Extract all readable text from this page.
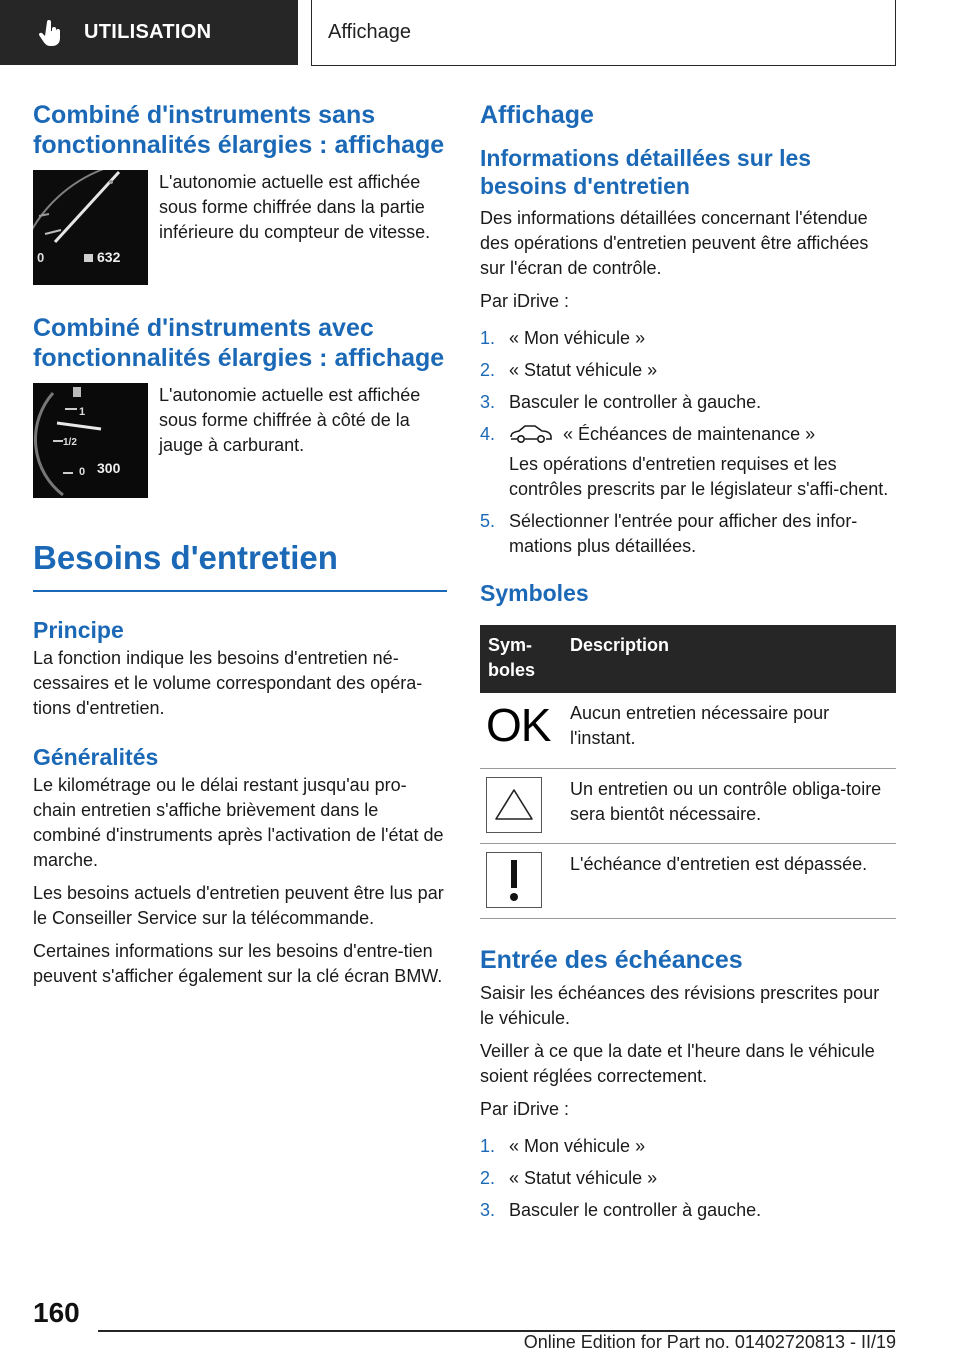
UTILISATION	Affichage
Combiné d'instruments sans fonctionnalités élargies : affichage
0	632

L'autonomie actuelle est affichée sous forme chiffrée dans la partie inférieure du compteur de vitesse.

Combiné d'instruments avec fonctionnalités élargies : affichage
1
1/2
0 300

L'autonomie actuelle est affichée sous forme chiffrée à côté de la jauge à carburant.

Besoins d'entretien
Principe

La fonction indique les besoins d'entretien né-cessaires et le volume correspondant des opéra-tions d'entretien.

Généralités

Le kilométrage ou le délai restant jusqu'au pro-chain entretien s'affiche brièvement dans le combiné d'instruments après l'activation de l'état de marche.

Les besoins actuels d'entretien peuvent être lus par le Conseiller Service sur la télécommande.

Certaines informations sur les besoins d'entre-tien peuvent s'afficher également sur la clé écran BMW.

Affichage
Informations détaillées sur les besoins d'entretien

Des informations détaillées concernant l'étendue des opérations d'entretien peuvent être affichées sur l'écran de contrôle.

Par iDrive :

1. « Mon véhicule »
2. « Statut véhicule »
3. Basculer le controller à gauche.
4.	« Échéances de maintenance »
Les opérations d'entretien requises et les contrôles prescrits par le législateur s'affi-chent.
5. Sélectionner l'entrée pour afficher des infor-mations plus détaillées.
Symboles
Sym-boles	Description
OK	Aucun entretien nécessaire pour l'instant.

	Un entretien ou un contrôle obliga-toire sera bientôt nécessaire.

	L'échéance d'entretien est dépassée.
Entrée des échéances

Saisir les échéances des révisions prescrites pour le véhicule.

Veiller à ce que la date et l'heure dans le véhicule soient réglées correctement.

Par iDrive :

1. « Mon véhicule »
2. « Statut véhicule »
3. Basculer le controller à gauche.
160
Online Edition for Part no. 01402720813 - II/19
